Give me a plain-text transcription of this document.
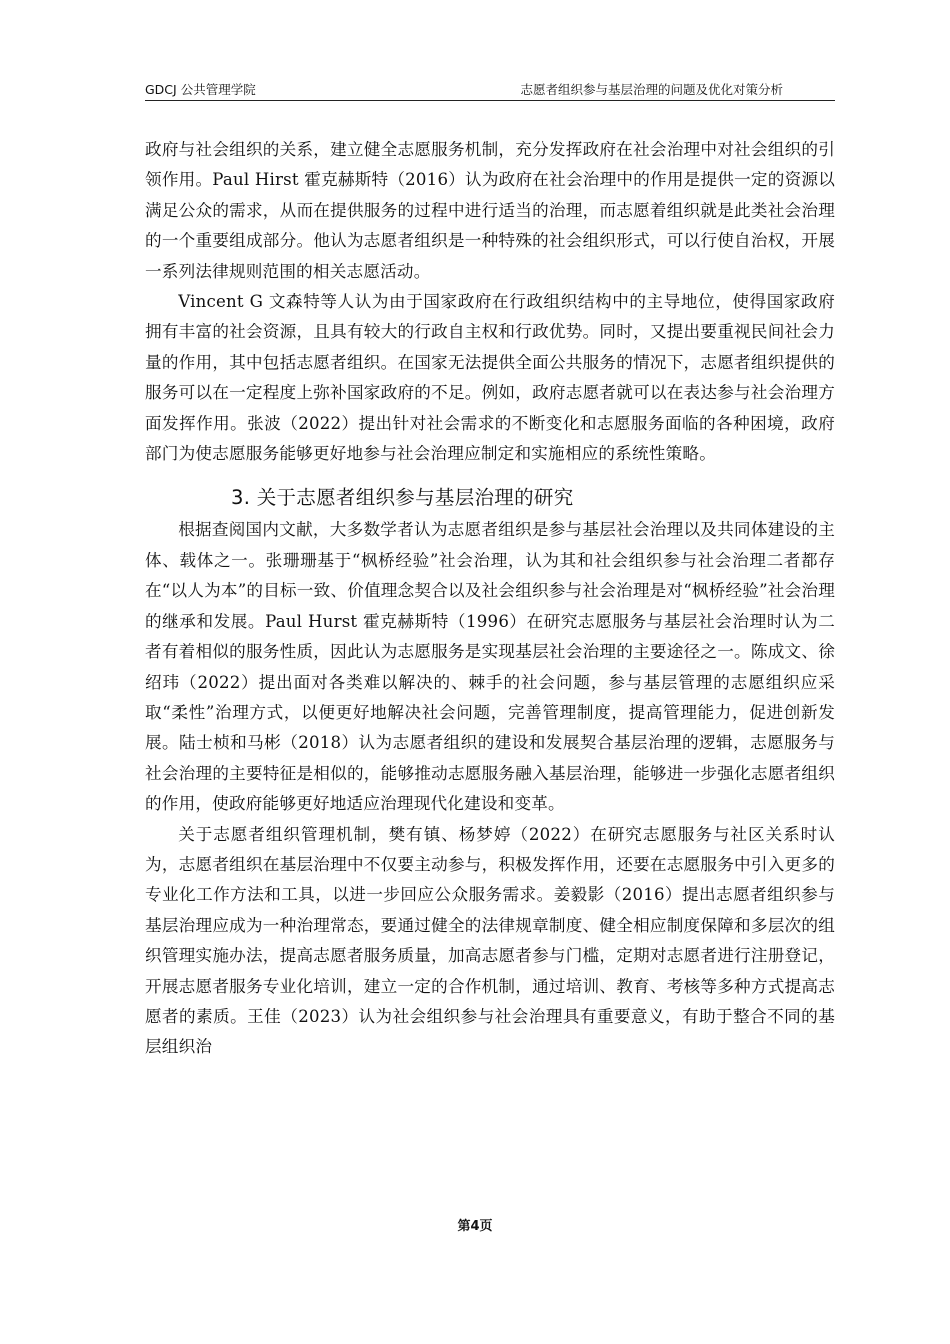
GDCJ 公共管理学院	志愿者组织参与基层治理的问题及优化对策分析

政府与社会组织的关系，建立健全志愿服务机制，充分发挥政府在社会治理中对社会组织的引领作用。Paul Hirst 霍克赫斯特（2016）认为政府在社会治理中的作用是提供一定的资源以满足公众的需求，从而在提供服务的过程中进行适当的治理，而志愿着组织就是此类社会治理的一个重要组成部分。他认为志愿者组织是一种特殊的社会组织形式，可以行使自治权，开展一系列法律规则范围的相关志愿活动。

Vincent G 文森特等人认为由于国家政府在行政组织结构中的主导地位，使得国家政府拥有丰富的社会资源，且具有较大的行政自主权和行政优势。同时，又提出要重视民间社会力量的作用，其中包括志愿者组织。在国家无法提供全面公共服务的情况下，志愿者组织提供的服务可以在一定程度上弥补国家政府的不足。例如，政府志愿者就可以在表达参与社会治理方面发挥作用。张波（2022）提出针对社会需求的不断变化和志愿服务面临的各种困境，政府部门为使志愿服务能够更好地参与社会治理应制定和实施相应的系统性策略。

3. 关于志愿者组织参与基层治理的研究

根据查阅国内文献，大多数学者认为志愿者组织是参与基层社会治理以及共同体建设的主体、载体之一。张珊珊基于“枫桥经验”社会治理，认为其和社会组织参与社会治理二者都存在“以人为本”的目标一致、价值理念契合以及社会组织参与社会治理是对“枫桥经验”社会治理的继承和发展。Paul Hurst 霍克赫斯特（1996）在研究志愿服务与基层社会治理时认为二者有着相似的服务性质，因此认为志愿服务是实现基层社会治理的主要途径之一。陈成文、徐绍玮（2022）提出面对各类难以解决的、棘手的社会问题，参与基层管理的志愿组织应采取“柔性”治理方式，以便更好地解决社会问题，完善管理制度，提高管理能力，促进创新发展。陆士桢和马彬（2018）认为志愿者组织的建设和发展契合基层治理的逻辑，志愿服务与社会治理的主要特征是相似的，能够推动志愿服务融入基层治理，能够进一步强化志愿者组织的作用，使政府能够更好地适应治理现代化建设和变革。

关于志愿者组织管理机制，樊有镇、杨梦婷（2022）在研究志愿服务与社区关系时认为，志愿者组织在基层治理中不仅要主动参与，积极发挥作用，还要在志愿服务中引入更多的专业化工作方法和工具，以进一步回应公众服务需求。姜毅影（2016）提出志愿者组织参与基层治理应成为一种治理常态，要通过健全的法律规章制度、健全相应制度保障和多层次的组织管理实施办法，提高志愿者服务质量，加高志愿者参与门槛，定期对志愿者进行注册登记，开展志愿者服务专业化培训，建立一定的合作机制，通过培训、教育、考核等多种方式提高志愿者的素质。王佳（2023）认为社会组织参与社会治理具有重要意义，有助于整合不同的基层组织治

第4页
